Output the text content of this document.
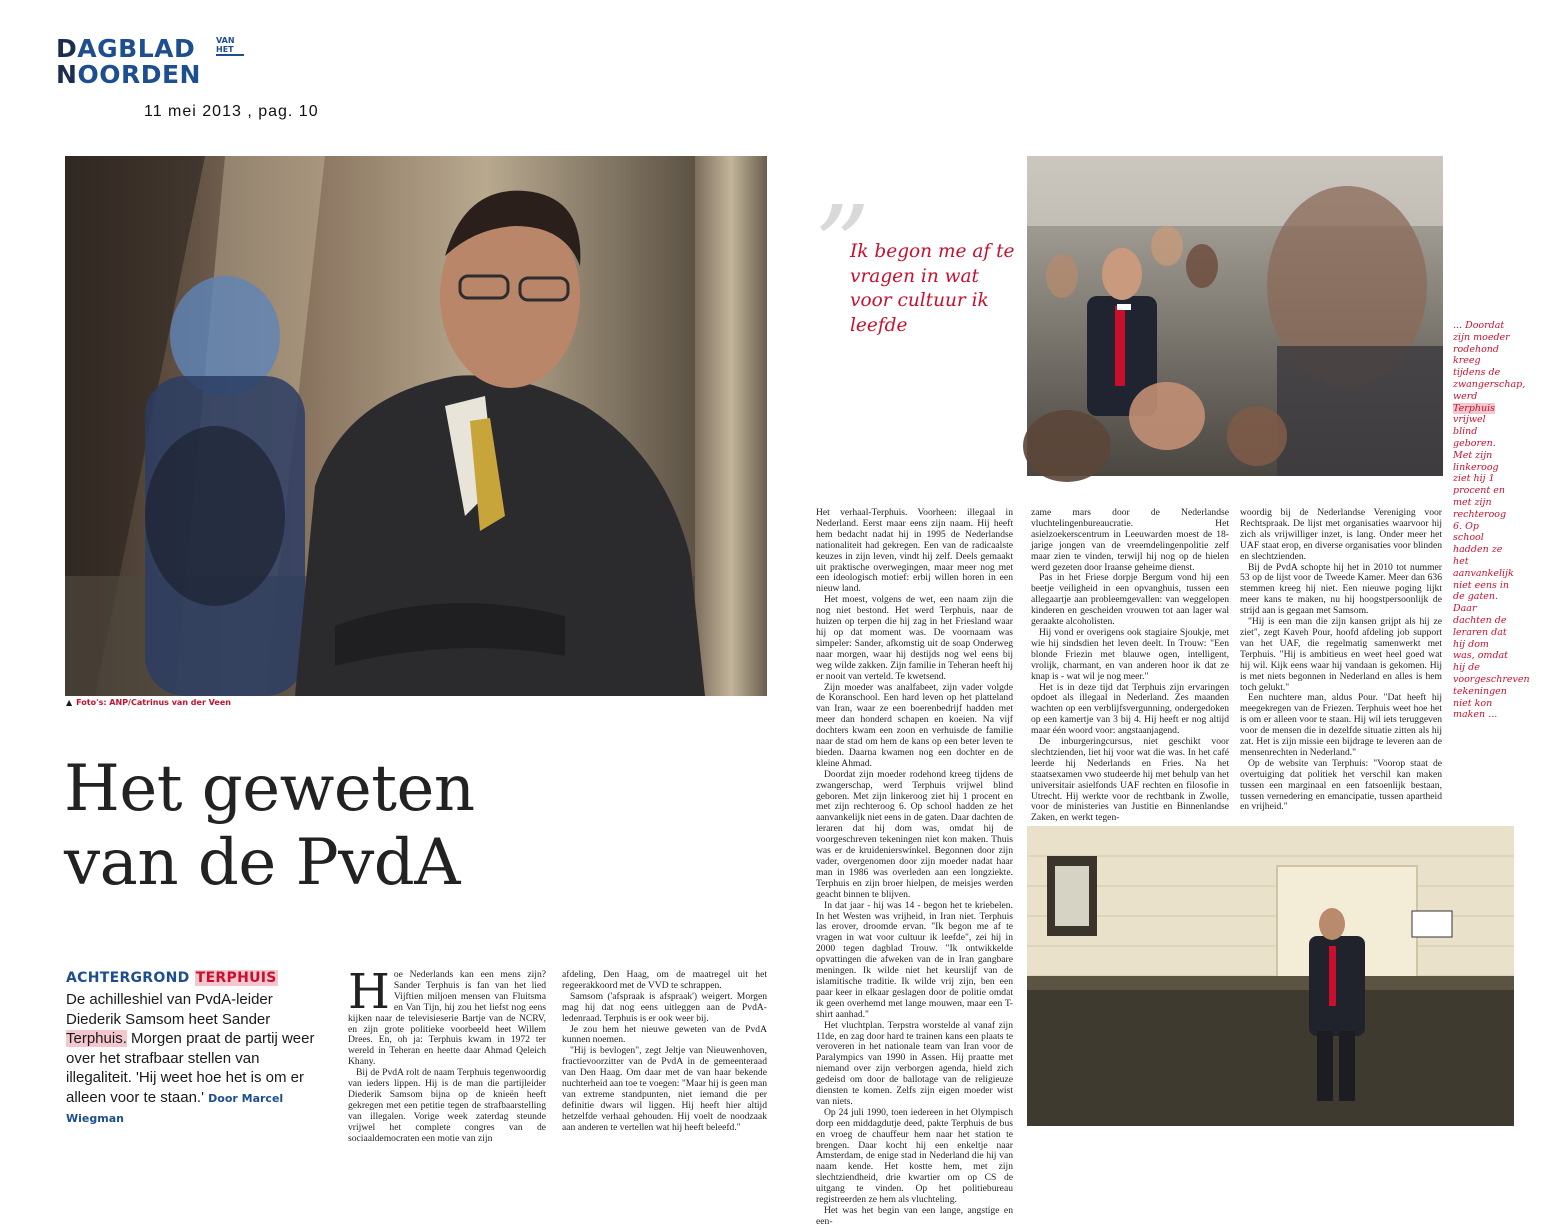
DAGBLAD
NOORDEN
VAN
HET
11 mei 2013 , pag. 10
▲ Foto's: ANP/Catrinus van der Veen
Het geweten
van de PvdA
ACHTERGROND TERPHUIS
De achilleshiel van PvdA-leider Diederik Samsom heet Sander Terphuis. Morgen praat de partij weer over het strafbaar stellen van illegaliteit. 'Hij weet hoe het is om er alleen voor te staan.' Door Marcel Wiegman
H oe Nederlands kan een mens zijn? Sander Terphuis is fan van het lied Vijftien miljoen mensen van Fluitsma en Van Tijn, hij zou het liefst nog eens kijken naar de televisieserie Bartje van de NCRV, en zijn grote politieke voorbeeld heet Willem Drees. En, oh ja: Terphuis kwam in 1972 ter wereld in Teheran en heette daar Ahmad Qeleich Khany.

Bij de PvdA rolt de naam Terphuis tegenwoordig van ieders lippen. Hij is de man die partijleider Diederik Samsom bijna op de knieën heeft gekregen met een petitie tegen de strafbaarstelling van illegalen. Vorige week zaterdag steunde vrijwel het complete congres van de sociaaldemocraten een motie van zijn

afdeling, Den Haag, om de maatregel uit het regeerakkoord met de VVD te schrappen.

Samsom ('afspraak is afspraak') weigert. Morgen mag hij dat nog eens uitleggen aan de PvdA-ledenraad. Terphuis is er ook weer bij.

Je zou hem het nieuwe geweten van de PvdA kunnen noemen.

"Hij is bevlogen", zegt Jeltje van Nieuwenhoven, fractievoorzitter van de PvdA in de gemeenteraad van Den Haag. Om daar met de van haar bekende nuchterheid aan toe te voegen: "Maar hij is geen man van extreme standpunten, niet iemand die per definitie dwars wil liggen. Hij heeft hier altijd hetzelfde verhaal gehouden. Hij voelt de noodzaak aan anderen te vertellen wat hij heeft beleefd."

”
Ik begon me af te vragen in wat voor cultuur ik leefde	... Doordat zijn moeder rodehond kreeg tijdens de zwangerschap, werd Terphuis vrijwel blind geboren. Met zijn linkeroog ziet hij 1 procent en met zijn rechteroog 6. Op school hadden ze het aanvankelijk niet eens in de gaten. Daar dachten de leraren dat hij dom was, omdat hij de voorgeschreven tekeningen niet kon maken ...

Het verhaal-Terphuis. Voorheen: illegaal in Nederland. Eerst maar eens zijn naam. Hij heeft hem bedacht nadat hij in 1995 de Nederlandse nationaliteit had gekregen. Een van de radicaalste keuzes in zijn leven, vindt hij zelf. Deels gemaakt uit praktische overwegingen, maar meer nog met een ideologisch motief: erbij willen horen in een nieuw land.

Het moest, volgens de wet, een naam zijn die nog niet bestond. Het werd Terphuis, naar de huizen op terpen die hij zag in het Friesland waar hij op dat moment was. De voornaam was simpeler: Sander, afkomstig uit de soap Onderweg naar morgen, waar hij destijds nog wel eens bij weg wilde zakken. Zijn familie in Teheran heeft hij er nooit van verteld. Te kwetsend.

Zijn moeder was analfabeet, zijn vader volgde de Koranschool. Een hard leven op het platteland van Iran, waar ze een boerenbedrijf hadden met meer dan honderd schapen en koeien. Na vijf dochters kwam een zoon en verhuisde de familie naar de stad om hem de kans op een beter leven te bieden. Daarna kwamen nog een dochter en de kleine Ahmad.

Doordat zijn moeder rodehond kreeg tijdens de zwangerschap, werd Terphuis vrijwel blind geboren. Met zijn linkeroog ziet hij 1 procent en met zijn rechteroog 6. Op school hadden ze het aanvankelijk niet eens in de gaten. Daar dachten de leraren dat hij dom was, omdat hij de voorgeschreven tekeningen niet kon maken. Thuis was er de kruidenierswínkel. Begonnen door zijn vader, overgenomen door zijn moeder nadat haar man in 1986 was overleden aan een longziekte. Terphuis en zijn broer hielpen, de meisjes werden geacht binnen te blijven.

In dat jaar - hij was 14 - begon het te kriebelen. In het Westen was vrijheid, in Iran niet. Terphuis las erover, droomde ervan. "Ik begon me af te vragen in wat voor cultuur ik leefde", zei hij in 2000 tegen dagblad Trouw. "Ik ontwikkelde opvattingen die afweken van de in Iran gangbare meningen. Ik wilde niet het keurslijf van de islamitische traditie. Ik wilde vrij zijn, ben een paar keer in elkaar geslagen door de politie omdat ik geen overhemd met lange mouwen, maar een T-shirt aanhad."

Het vluchtplan. Terpstra worstelde al vanaf zijn 11de, en zag door hard te trainen kans een plaats te veroveren in het nationale team van Iran voor de Paralympics van 1990 in Assen. Hij praatte met niemand over zijn verborgen agenda, hield zich gedeisd om door de ballotage van de religieuze diensten te komen. Zelfs zijn eigen moeder wist van niets.

Op 24 juli 1990, toen iedereen in het Olympisch dorp een middagdutje deed, pakte Terphuis de bus en vroeg de chauffeur hem naar het station te brengen. Daar kocht hij een enkeltje naar Amsterdam, de enige stad in Nederland die hij van naam kende. Het kostte hem, met zijn slechtziendheid, drie kwartier om op CS de uitgang te vinden. Op het politiebureau registreerden ze hem als vluchteling.

Het was het begin van een lange, angstige en een-

zame mars door de Nederlandse vluchtelingenbureaucratie. Het asielzoekerscentrum in Leeuwarden moest de 18-jarige jongen van de vreemdelingenpolitie zelf maar zien te vinden, terwijl hij nog op de hielen werd gezeten door Iraanse geheime dienst.

Pas in het Friese dorpje Bergum vond hij een beetje veiligheid in een opvanghuis, tussen een allegaartje aan probleemgevallen: van weggelopen kinderen en gescheiden vrouwen tot aan lager wal geraakte alcoholisten.

Hij vond er overigens ook stagiaire Sjoukje, met wie hij sindsdien het leven deelt. In Trouw: "Een blonde Friezin met blauwe ogen, intelligent, vrolijk, charmant, en van anderen hoor ik dat ze knap is - wat wil je nog meer."

Het is in deze tijd dat Terphuis zijn ervaringen opdoet als illegaal in Nederland. Zes maanden wachten op een verblijfsvergunning, ondergedoken op een kamertje van 3 bij 4. Hij heeft er nog altijd maar één woord voor: angstaanjagend.

De inburgeringcursus, niet geschikt voor slechtzienden, liet hij voor wat die was. In het café leerde hij Nederlands en Fries. Na het staatsexamen vwo studeerde hij met behulp van het universitair asielfonds UAF rechten en filosofie in Utrecht. Hij werkte voor de rechtbank in Zwolle, voor de ministeries van Justitie en Binnenlandse Zaken, en werkt tegen-

woordig bij de Nederlandse Vereniging voor Rechtspraak. De lijst met organisaties waarvoor hij zich als vrijwilliger inzet, is lang. Onder meer het UAF staat erop, en diverse organisaties voor blinden en slechtzienden.

Bij de PvdA schopte hij het in 2010 tot nummer 53 op de lijst voor de Tweede Kamer. Meer dan 636 stemmen kreeg hij niet. Een nieuwe poging lijkt meer kans te maken, nu hij hoogstpersoonlijk de strijd aan is gegaan met Samsom.

"Hij is een man die zijn kansen grijpt als hij ze ziet", zegt Kaveh Pour, hoofd afdeling job support van het UAF, die regelmatig samenwerkt met Terphuis. "Hij is ambitieus en weet heel goed wat hij wil. Kijk eens waar hij vandaan is gekomen. Hij is met niets begonnen in Nederland en alles is hem toch gelukt."

Een nuchtere man, aldus Pour. "Dat heeft hij meegekregen van de Friezen. Terphuis weet hoe het is om er alleen voor te staan. Hij wil iets teruggeven voor de mensen die in dezelfde situatie zitten als hij zat. Het is zijn missie een bijdrage te leveren aan de mensenrechten in Nederland."

Op de website van Terphuis: "Voorop staat de overtuiging dat politiek het verschil kan maken tussen een marginaal en een fatsoenlijk bestaan, tussen vernedering en emancipatie, tussen apartheid en vrijheid."
